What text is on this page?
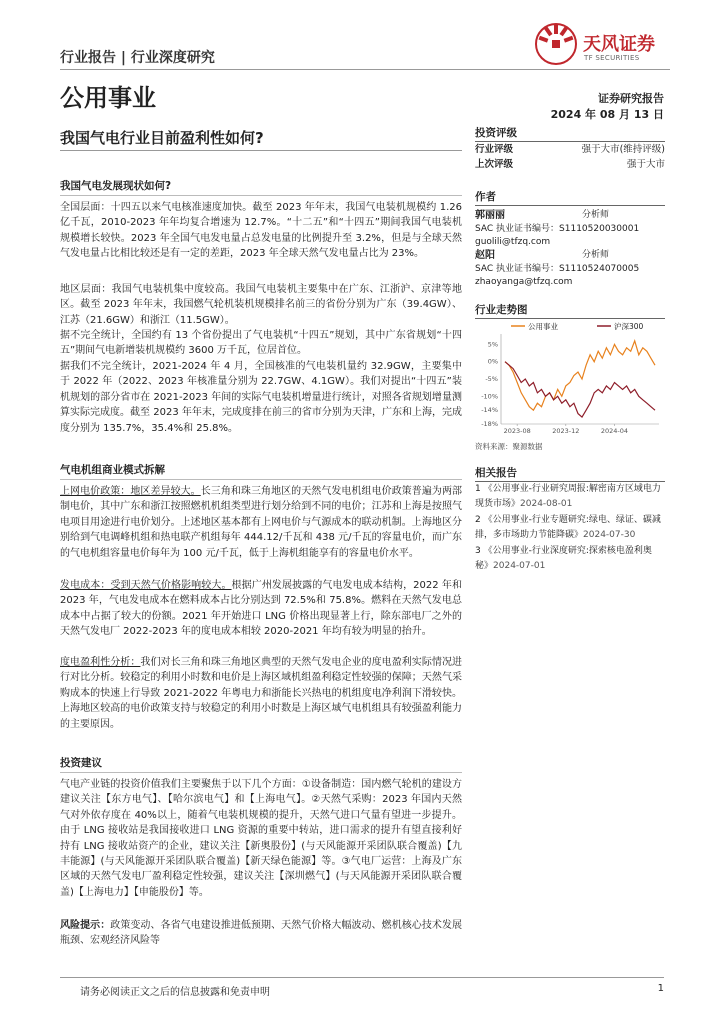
行业报告 | 行业深度研究
公用事业
天风证券
TF SECURITIES
证券研究报告
2024 年 08 月 13 日
我国气电行业目前盈利性如何?
我国气电发展现状如何?
全国层面：十四五以来气电核准速度加快。截至 2023 年年末，我国气电装机规模约 1.26 亿千瓦，2010-2023 年年均复合增速为 12.7%。“十二五”和“十四五”期间我国气电装机规模增长较快。2023 年全国气电发电量占总发电量的比例提升至 3.2%，但是与全球天然气发电量占比相比较还是有一定的差距，2023 年全球天然气发电量占比为 23%。
地区层面：我国气电装机集中度较高。我国气电装机主要集中在广东、江浙沪、京津等地区。截至 2023 年年末，我国燃气轮机装机规模排名前三的省份分别为广东（39.4GW）、江苏（21.6GW）和浙江（11.5GW）。
据不完全统计，全国约有 13 个省份提出了气电装机“十四五”规划，其中广东省规划“十四五”期间气电新增装机规模约 3600 万千瓦，位居首位。
据我们不完全统计，2021-2024 年 4 月，全国核准的气电装机量约 32.9GW，主要集中于 2022 年（2022、2023 年核准量分别为 22.7GW、4.1GW）。我们对提出“十四五”装机规划的部分省市在 2021-2023 年间的实际气电装机增量进行统计，对照各省规划增量测算实际完成度。截至 2023 年年末，完成度排在前三的省市分别为天津，广东和上海，完成度分别为 135.7%，35.4%和 25.8%。
气电机组商业模式拆解
上网电价政策：地区差异较大。长三角和珠三角地区的天然气发电机组电价政策普遍为两部制电价，其中广东和浙江按照燃机机组类型进行划分给到不同的电价；江苏和上海是按照气电项目用途进行电价划分。上述地区基本都有上网电价与气源成本的联动机制。上海地区分别给到气电调峰机组和热电联产机组每年 444.12/千瓦和 438 元/千瓦的容量电价，而广东的气电机组容量电价每年为 100 元/千瓦，低于上海机组能享有的容量电价水平。
发电成本：受到天然气价格影响较大。根据广州发展披露的气电发电成本结构，2022 年和 2023 年，气电发电成本在燃料成本占比分别达到 72.5%和 75.8%。燃料在天然气发电总成本中占据了较大的份额。2021 年开始进口 LNG 价格出现显著上行，除东部电厂之外的天然气发电厂 2022-2023 年的度电成本相较 2020-2021 年均有较为明显的抬升。
度电盈利性分析：我们对长三角和珠三角地区典型的天然气发电企业的度电盈利实际情况进行对比分析。较稳定的利用小时数和电价是上海区域机组盈利稳定性较强的保障；天然气采购成本的快速上行导致 2021-2022 年粤电力和浙能长兴热电的机组度电净利润下滑较快。上海地区较高的电价政策支持与较稳定的利用小时数是上海区域气电机组具有较强盈利能力的主要原因。
投资建议
气电产业链的投资价值我们主要聚焦于以下几个方面：①设备制造：国内燃气轮机的建设方建议关注【东方电气】、【哈尔滨电气】和【上海电气】。②天然气采购：2023 年国内天然气对外依存度在 40%以上，随着气电装机规模的提升，天然气进口气量有望进一步提升。由于 LNG 接收站是我国接收进口 LNG 资源的重要中转站，进口需求的提升有望直接利好持有 LNG 接收站资产的企业，建议关注【新奥股份】(与天风能源开采团队联合覆盖)【九丰能源】(与天风能源开采团队联合覆盖)【新天绿色能源】等。③气电厂运营：上海及广东区域的天然气发电厂盈利稳定性较强，建议关注【深圳燃气】(与天风能源开采团队联合覆盖)【上海电力】【申能股份】等。
风险提示：政策变动、各省气电建设推进低预期、天然气价格大幅波动、燃机核心技术发展瓶颈、宏观经济风险等
投资评级
行业评级	强于大市(维持评级)
上次评级	强于大市
作者
郭丽丽	分析师
SAC 执业证书编号：S1110520030001
guolili@tfzq.com
赵阳	分析师
SAC 执业证书编号：S1110524070005
zhaoyanga@tfzq.com
行业走势图
公用事业	沪深300
5%
0%
-5%
-10%
-14%
-18%
2023-08	2023-12	2024-04
资料来源：聚源数据
相关报告
1 《公用事业-行业研究周报:解密南方区域电力现货市场》2024-08-01
2 《公用事业-行业专题研究:绿电、绿证、碳减排，多市场助力节能降碳》2024-07-30
3 《公用事业-行业深度研究:探索核电盈利奥秘》2024-07-01
请务必阅读正文之后的信息披露和免责申明	1
